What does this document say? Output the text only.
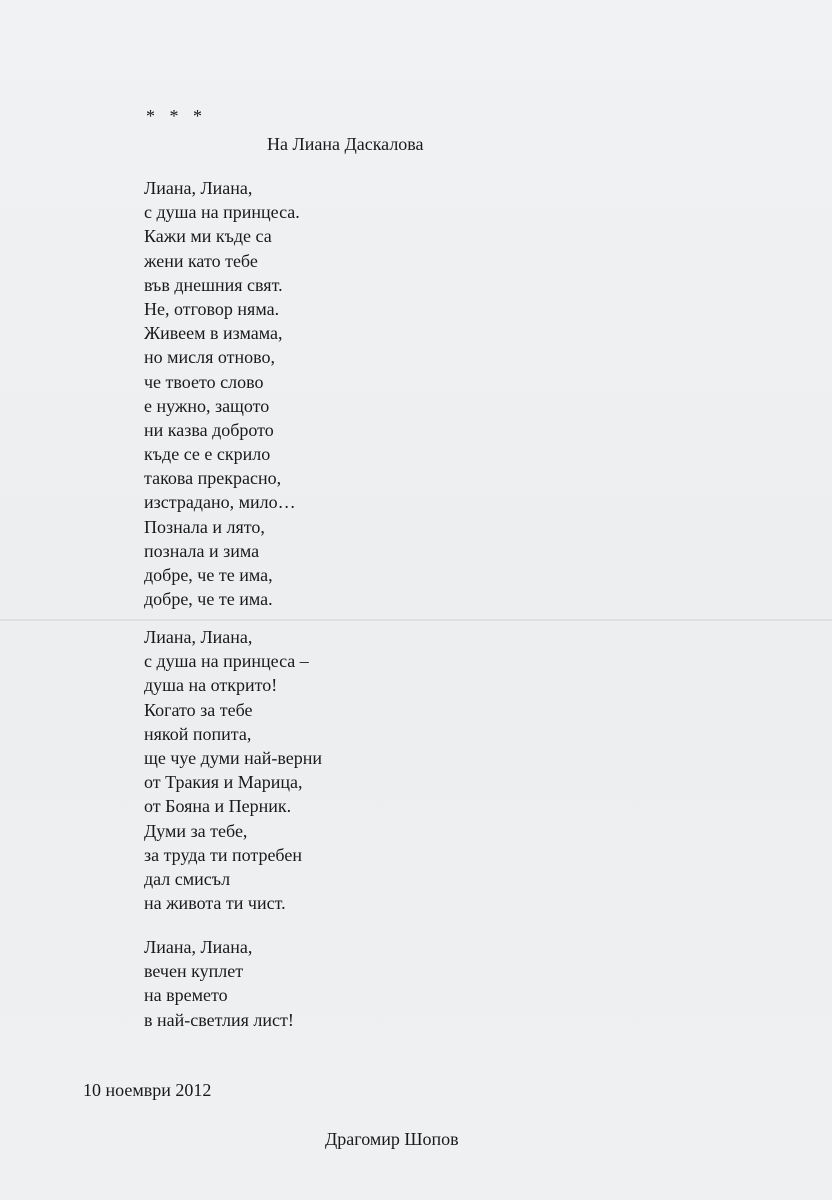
* * *
На Лиана Даскалова
Лиана, Лиана,
с душа на принцеса.
Кажи ми къде са
жени като тебе
във днешния свят.
Не, отговор няма.
Живеем в измама,
но мисля отново,
че твоето слово
е нужно, защото
ни казва доброто
къде се е скрило
такова прекрасно,
изстрадано, мило…
Познала и лято,
познала и зима
добре, че те има,
добре, че те има.
Лиана, Лиана,
с душа на принцеса –
душа на открито!
Когато за тебе
някой попита,
ще чуе думи най-верни
от Тракия и Марица,
от Бояна и Перник.
Думи за тебе,
за труда ти потребен
дал смисъл
на живота ти чист.
Лиана, Лиана,
вечен куплет
на времето
в най-светлия лист!
10 ноември 2012
Драгомир Шопов
